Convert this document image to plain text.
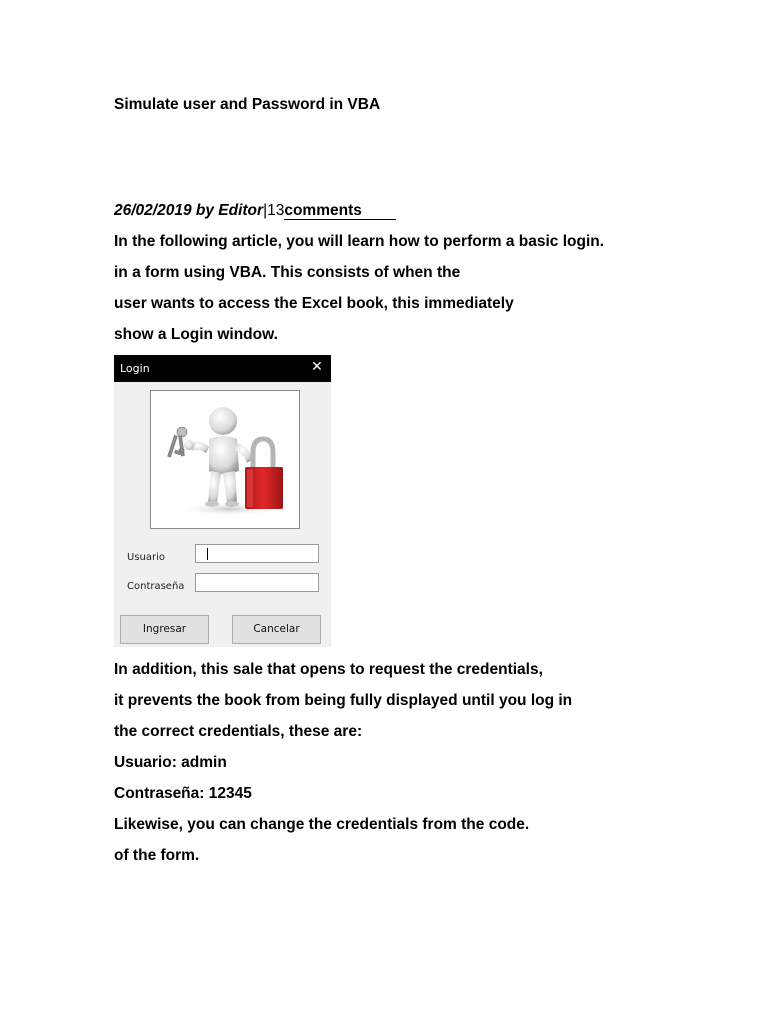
Simulate user and Password in VBA
26/02/2019 by Editor|13comments
In the following article, you will learn how to perform a basic login.
in a form using VBA. This consists of when the
user wants to access the Excel book, this immediately
show a Login window.
Login	✕
Usuario
Contraseña
Ingresar	Cancelar
In addition, this sale that opens to request the credentials,
it prevents the book from being fully displayed until you log in
the correct credentials, these are:
Usuario: admin
Contraseña: 12345
Likewise, you can change the credentials from the code.
of the form.
